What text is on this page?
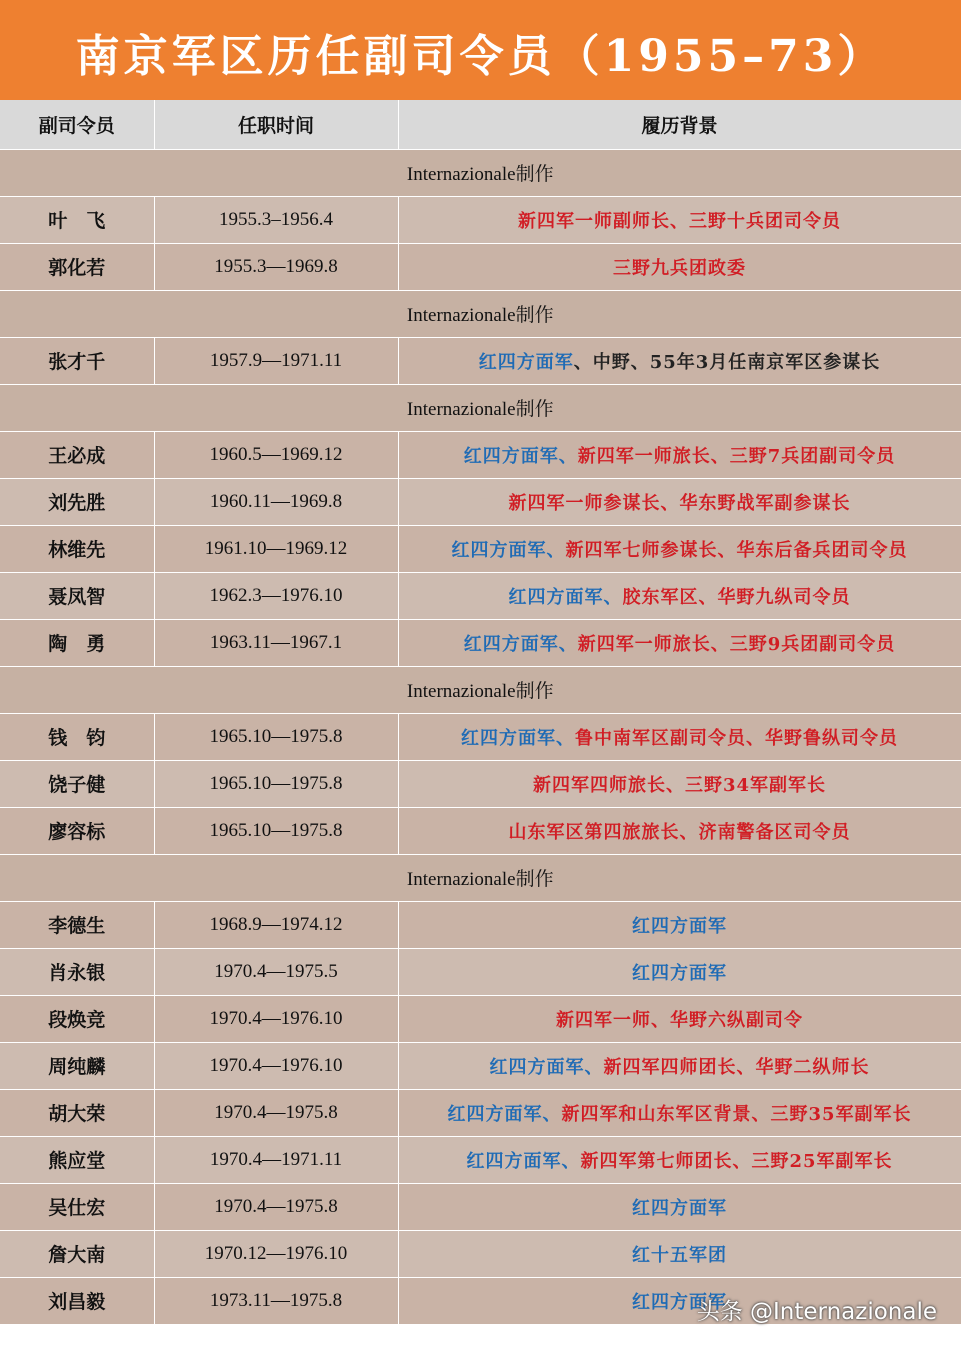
南京军区历任副司令员（1955–73）
副司令员	任职时间	履历背景
Internazionale制作		
叶　飞	1955.3–1956.4	新四军一师副师长、三野十兵团司令员
郭化若	1955.3—1969.8	三野九兵团政委
Internazionale制作		
张才千	1957.9—1971.11	红四方面军、中野、55年3月任南京军区参谋长
Internazionale制作		
王必成	1960.5—1969.12	红四方面军、新四军一师旅长、三野7兵团副司令员
刘先胜	1960.11—1969.8	新四军一师参谋长、华东野战军副参谋长
林维先	1961.10—1969.12	红四方面军、新四军七师参谋长、华东后备兵团司令员
聂凤智	1962.3—1976.10	红四方面军、胶东军区、华野九纵司令员
陶　勇	1963.11—1967.1	红四方面军、新四军一师旅长、三野9兵团副司令员
Internazionale制作		
钱　钧	1965.10—1975.8	红四方面军、鲁中南军区副司令员、华野鲁纵司令员
饶子健	1965.10—1975.8	新四军四师旅长、三野34军副军长
廖容标	1965.10—1975.8	山东军区第四旅旅长、济南警备区司令员
Internazionale制作		
李德生	1968.9—1974.12	红四方面军
肖永银	1970.4—1975.5	红四方面军
段焕竞	1970.4—1976.10	新四军一师、华野六纵副司令
周纯麟	1970.4—1976.10	红四方面军、新四军四师团长、华野二纵师长
胡大荣	1970.4—1975.8	红四方面军、新四军和山东军区背景、三野35军副军长
熊应堂	1970.4—1971.11	红四方面军、新四军第七师团长、三野25军副军长
吴仕宏	1970.4—1975.8	红四方面军
詹大南	1970.12—1976.10	红十五军团
刘昌毅	1973.11—1975.8	红四方面军
头条 @Internazionale
